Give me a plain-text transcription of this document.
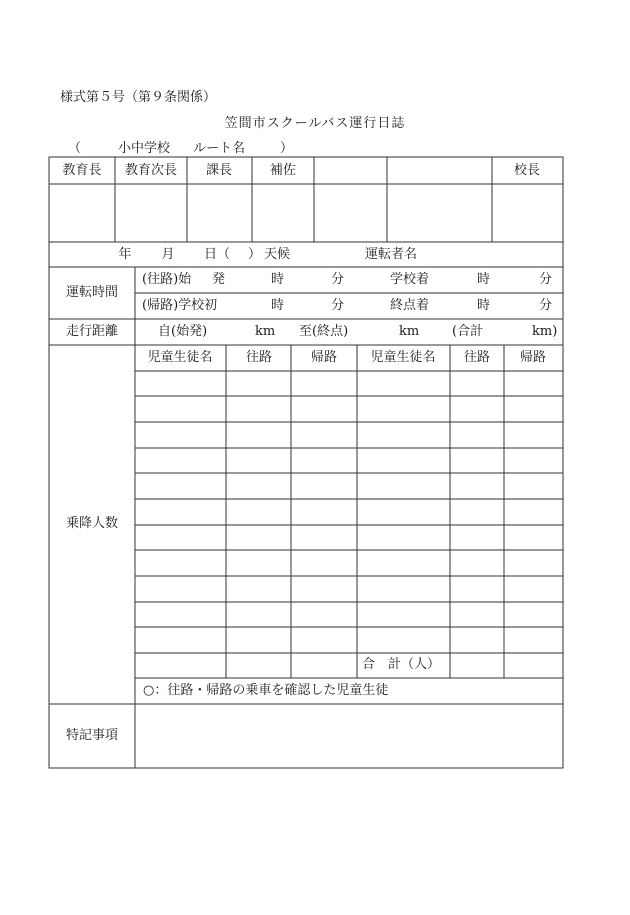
様式第５号（第９条関係）
笠間市スクールバス運行日誌
（	小中学校 ルート名	）
教育長 教育次長 課長	補佐	校長
年 月 日（ ） 天候	運転者名
運転時間
(往路)始 発	時	分	学校着	時	分
(帰路)学校初	時	分	終点着	時	分
走行距離	自(始発)	km 至(終点)	km	(合計	km)
乗降人数
児童生徒名	往路	帰路	児童生徒名 往路 帰路
合　計（人）
○：往路・帰路の乗車を確認した児童生徒
特記事項
